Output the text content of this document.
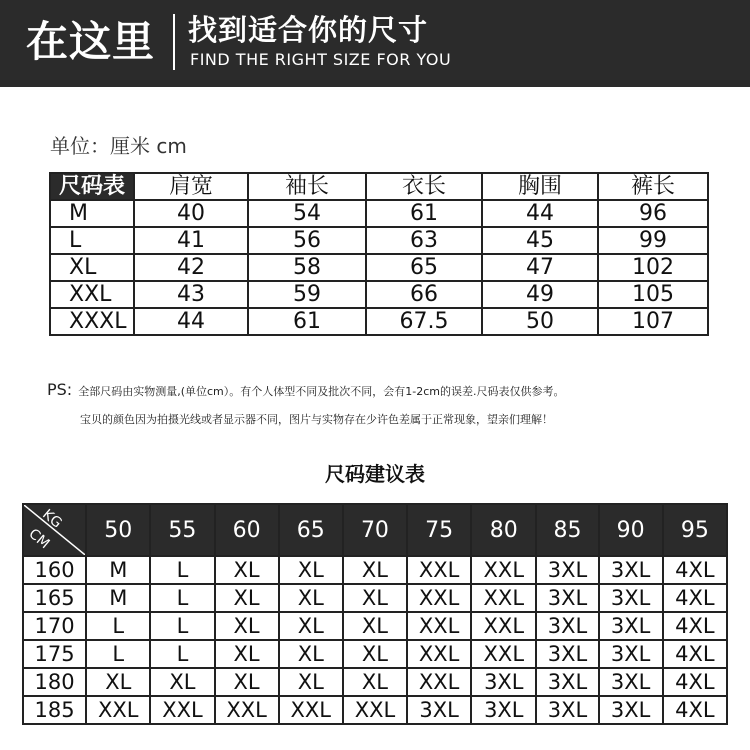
在这里 找到适合你的尺寸
FIND THE RIGHT SIZE FOR YOU
单位：厘米 cm
尺码表	肩宽	袖长	衣长	胸围	裤长
M	40	54	61	44	96
L	41	56	63	45	99
XL	42	58	65	47	102
XXL	43	59	66	49	105
XXXL	44	61	67.5	50	107
PS: 全部尺码由实物测量,(单位cm）。有个人体型不同及批次不同，会有1-2cm的误差.尺码表仅供参考。
宝贝的颜色因为拍摄光线或者显示器不同，图片与实物存在少许色差属于正常现象，望亲们理解！
尺码建议表
KG
CM	50	55	60	65	70	75	80	85	90	95
160	M	L	XL	XL	XL	XXL	XXL	3XL	3XL	4XL
165	M	L	XL	XL	XL	XXL	XXL	3XL	3XL	4XL
170	L	L	XL	XL	XL	XXL	XXL	3XL	3XL	4XL
175	L	L	XL	XL	XL	XXL	XXL	3XL	3XL	4XL
180	XL	XL	XL	XL	XL	XXL	3XL	3XL	3XL	4XL
185	XXL	XXL	XXL	XXL	XXL	3XL	3XL	3XL	3XL	4XL
